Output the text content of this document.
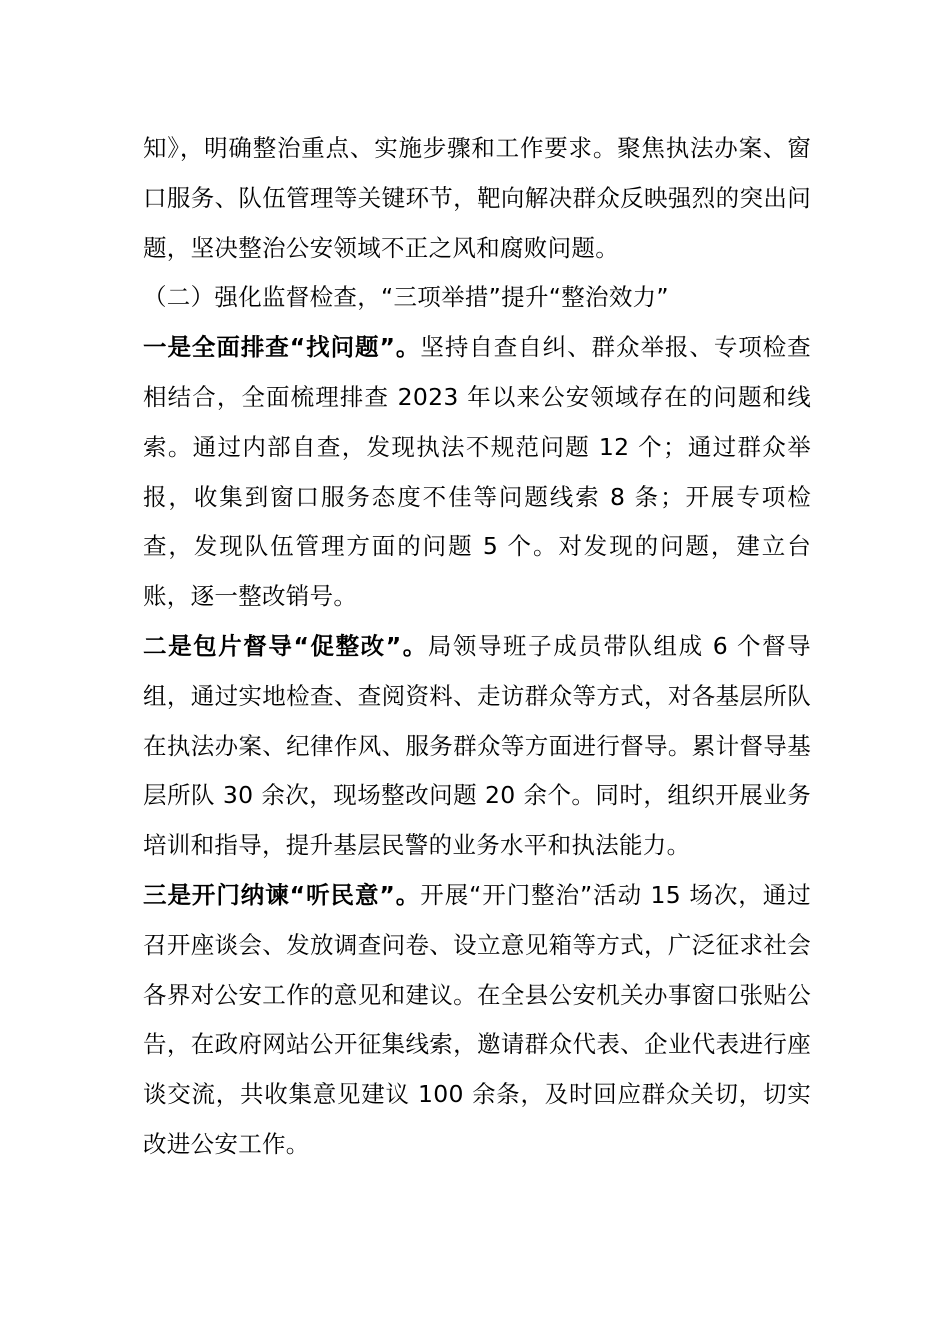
知》，明确整治重点、实施步骤和工作要求。聚焦执法办案、窗口服务、队伍管理等关键环节，靶向解决群众反映强烈的突出问题，坚决整治公安领域不正之风和腐败问题。

（二）强化监督检查，“三项举措”提升“整治效力”

一是全面排查“找问题”。坚持自查自纠、群众举报、专项检查相结合，全面梳理排查 2023 年以来公安领域存在的问题和线索。通过内部自查，发现执法不规范问题 12 个；通过群众举报，收集到窗口服务态度不佳等问题线索 8 条；开展专项检查，发现队伍管理方面的问题 5 个。对发现的问题，建立台账，逐一整改销号。

二是包片督导“促整改”。局领导班子成员带队组成 6 个督导组，通过实地检查、查阅资料、走访群众等方式，对各基层所队在执法办案、纪律作风、服务群众等方面进行督导。累计督导基层所队 30 余次，现场整改问题 20 余个。同时，组织开展业务培训和指导，提升基层民警的业务水平和执法能力。

三是开门纳谏“听民意”。开展“开门整治”活动 15 场次，通过召开座谈会、发放调查问卷、设立意见箱等方式，广泛征求社会各界对公安工作的意见和建议。在全县公安机关办事窗口张贴公告，在政府网站公开征集线索，邀请群众代表、企业代表进行座谈交流，共收集意见建议 100 余条，及时回应群众关切，切实改进公安工作。
